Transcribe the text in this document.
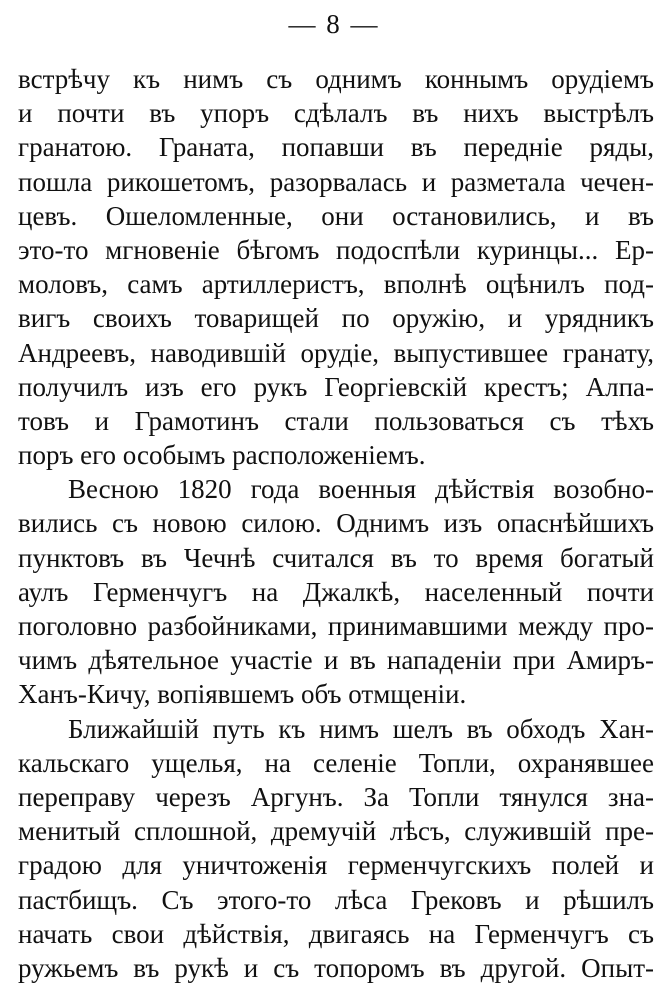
— 8 —
встрѣчу къ нимъ съ однимъ коннымъ орудіемъ
и почти въ упоръ сдѣлалъ въ нихъ выстрѣлъ
гранатою. Граната, попавши въ передніе ряды,
пошла рикошетомъ, разорвалась и разметала чечен-
цевъ. Ошеломленные, они остановились, и въ
это-то мгновеніе бѣгомъ подоспѣли куринцы... Ер-
моловъ, самъ артиллеристъ, вполнѣ оцѣнилъ под-
вигъ своихъ товарищей по оружію, и урядникъ
Андреевъ, наводившій орудіе, выпустившее гранату,
получилъ изъ его рукъ Георгіевскій крестъ; Алпа-
товъ и Грамотинъ стали пользоваться съ тѣхъ
поръ его особымъ расположеніемъ.
Весною 1820 года военныя дѣйствія возобно-
вились съ новою силою. Однимъ изъ опаснѣйшихъ
пунктовъ въ Чечнѣ считался въ то время богатый
аулъ Герменчугъ на Джалкѣ, населенный почти
поголовно разбойниками, принимавшими между про-
чимъ дѣятельное участіе и въ нападеніи при Амиръ-
Ханъ-Кичу, вопіявшемъ объ отмщеніи.
Ближайшій путь къ нимъ шелъ въ обходъ Хан-
кальскаго ущелья, на селеніе Топли, охранявшее
переправу черезъ Аргунъ. За Топли тянулся зна-
менитый сплошной, дремучій лѣсъ, служившій пре-
градою для уничтоженія герменчугскихъ полей и
пастбищъ. Съ этого-то лѣса Грековъ и рѣшилъ
начать свои дѣйствія, двигаясь на Герменчугъ съ
ружьемъ въ рукѣ и съ топоромъ въ другой. Опыт-
